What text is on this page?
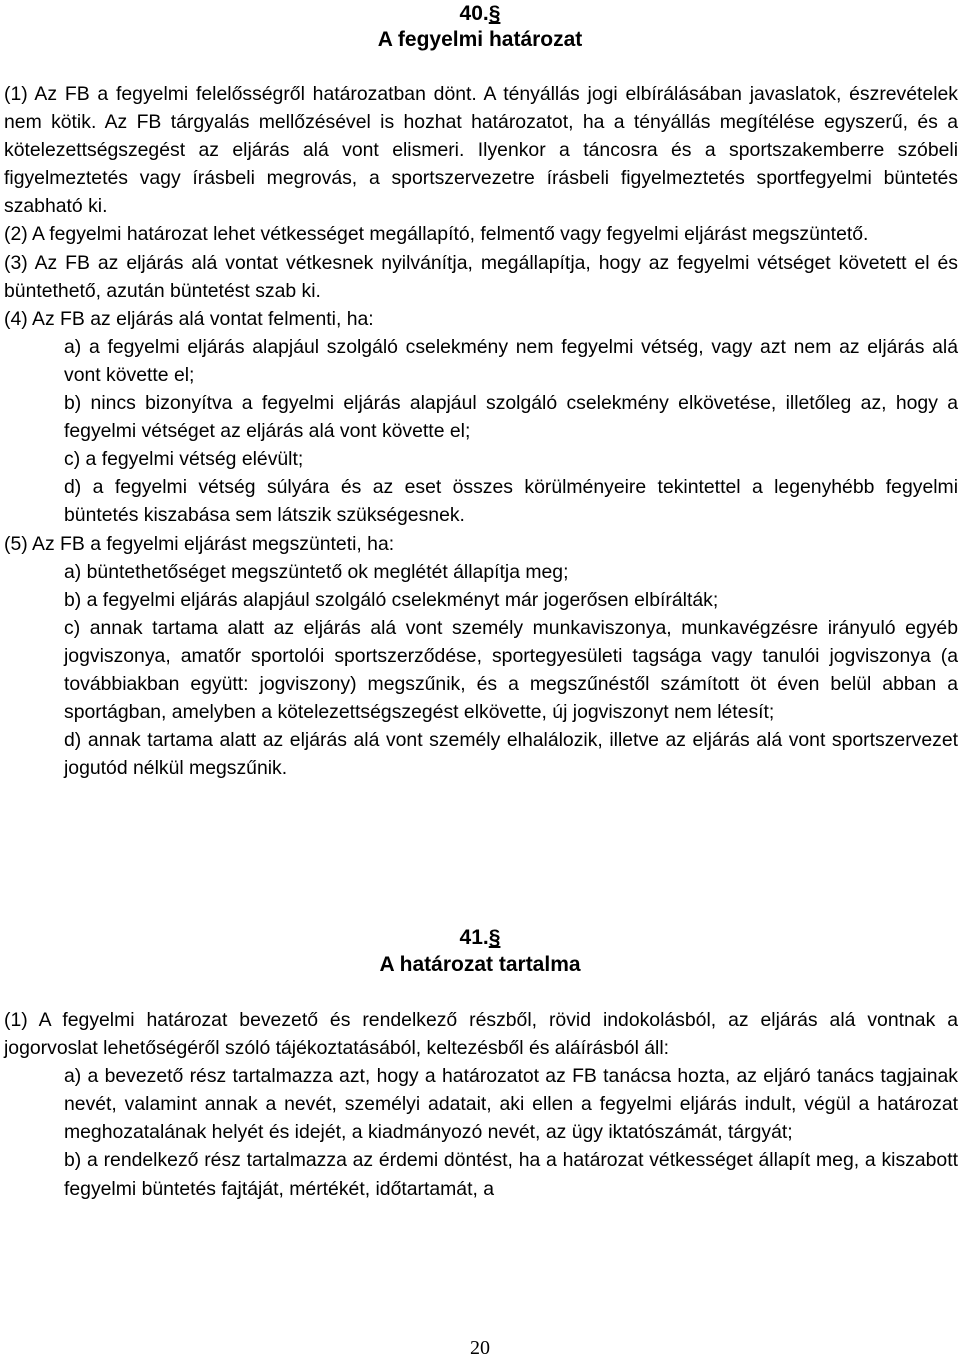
40.§
A fegyelmi határozat

(1) Az FB a fegyelmi felelősségről határozatban dönt. A tényállás jogi elbírálásában javaslatok, észrevételek nem kötik. Az FB tárgyalás mellőzésével is hozhat határozatot, ha a tényállás megítélése egyszerű, és a kötelezettségszegést az eljárás alá vont elismeri. Ilyenkor a táncosra és a sportszakemberre szóbeli figyelmeztetés vagy írásbeli megrovás, a sportszervezetre írásbeli figyelmeztetés sportfegyelmi büntetés szabható ki.

(2) A fegyelmi határozat lehet vétkességet megállapító, felmentő vagy fegyelmi eljárást megszüntető.

(3) Az FB az eljárás alá vontat vétkesnek nyilvánítja, megállapítja, hogy az fegyelmi vétséget követett el és büntethető, azután büntetést szab ki.

(4) Az FB az eljárás alá vontat felmenti, ha:

a) a fegyelmi eljárás alapjául szolgáló cselekmény nem fegyelmi vétség, vagy azt nem az eljárás alá vont követte el;

b) nincs bizonyítva a fegyelmi eljárás alapjául szolgáló cselekmény elkövetése, illetőleg az, hogy a fegyelmi vétséget az eljárás alá vont követte el;

c) a fegyelmi vétség elévült;

d) a fegyelmi vétség súlyára és az eset összes körülményeire tekintettel a legenyhébb fegyelmi büntetés kiszabása sem látszik szükségesnek.

(5) Az FB a fegyelmi eljárást megszünteti, ha:

a) büntethetőséget megszüntető ok meglétét állapítja meg;

b) a fegyelmi eljárás alapjául szolgáló cselekményt már jogerősen elbírálták;

c) annak tartama alatt az eljárás alá vont személy munkaviszonya, munkavégzésre irányuló egyéb jogviszonya, amatőr sportolói sportszerződése, sportegyesületi tagsága vagy tanulói jogviszonya (a továbbiakban együtt: jogviszony) megszűnik, és a megszűnéstől számított öt éven belül abban a sportágban, amelyben a kötelezettségszegést elkövette, új jogviszonyt nem létesít;

d) annak tartama alatt az eljárás alá vont személy elhalálozik, illetve az eljárás alá vont sportszervezet jogutód nélkül megszűnik.

41.§
A határozat tartalma

(1) A fegyelmi határozat bevezető és rendelkező részből, rövid indokolásból, az eljárás alá vontnak a jogorvoslat lehetőségéről szóló tájékoztatásából, keltezésből és aláírásból áll:

a) a bevezető rész tartalmazza azt, hogy a határozatot az FB tanácsa hozta, az eljáró tanács tagjainak nevét, valamint annak a nevét, személyi adatait, aki ellen a fegyelmi eljárás indult, végül a határozat meghozatalának helyét és idejét, a kiadmányozó nevét, az ügy iktatószámát, tárgyát;

b) a rendelkező rész tartalmazza az érdemi döntést, ha a határozat vétkességet állapít meg, a kiszabott fegyelmi büntetés fajtáját, mértékét, időtartamát, a

20
